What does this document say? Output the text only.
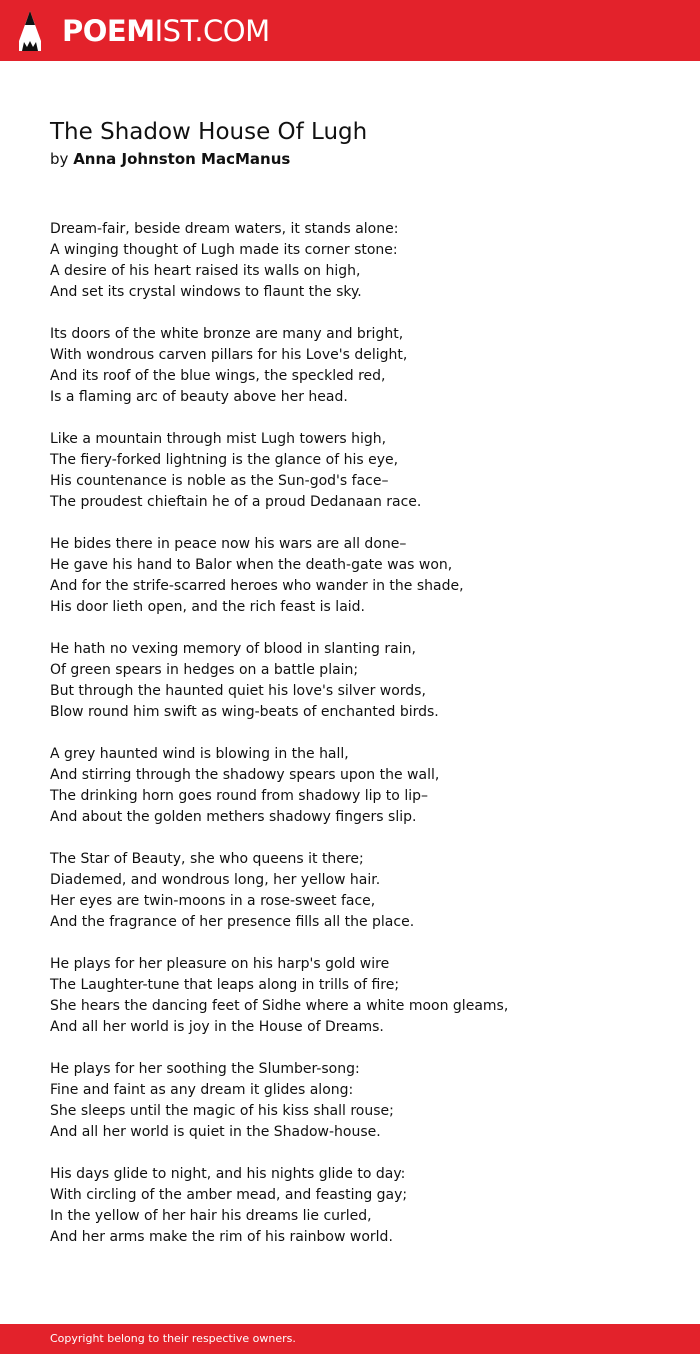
POEMIST.COM
The Shadow House Of Lugh
by Anna Johnston MacManus
Dream-fair, beside dream waters, it stands alone:
A winging thought of Lugh made its corner stone:
A desire of his heart raised its walls on high,
And set its crystal windows to flaunt the sky.
Its doors of the white bronze are many and bright,
With wondrous carven pillars for his Love's delight,
And its roof of the blue wings, the speckled red,
Is a flaming arc of beauty above her head.
Like a mountain through mist Lugh towers high,
The fiery-forked lightning is the glance of his eye,
His countenance is noble as the Sun-god's face–
The proudest chieftain he of a proud Dedanaan race.
He bides there in peace now his wars are all done–
He gave his hand to Balor when the death-gate was won,
And for the strife-scarred heroes who wander in the shade,
His door lieth open, and the rich feast is laid.
He hath no vexing memory of blood in slanting rain,
Of green spears in hedges on a battle plain;
But through the haunted quiet his love's silver words,
Blow round him swift as wing-beats of enchanted birds.
A grey haunted wind is blowing in the hall,
And stirring through the shadowy spears upon the wall,
The drinking horn goes round from shadowy lip to lip–
And about the golden methers shadowy fingers slip.
The Star of Beauty, she who queens it there;
Diademed, and wondrous long, her yellow hair.
Her eyes are twin-moons in a rose-sweet face,
And the fragrance of her presence fills all the place.
He plays for her pleasure on his harp's gold wire
The Laughter-tune that leaps along in trills of fire;
She hears the dancing feet of Sidhe where a white moon gleams,
And all her world is joy in the House of Dreams.
He plays for her soothing the Slumber-song:
Fine and faint as any dream it glides along:
She sleeps until the magic of his kiss shall rouse;
And all her world is quiet in the Shadow-house.
His days glide to night, and his nights glide to day:
With circling of the amber mead, and feasting gay;
In the yellow of her hair his dreams lie curled,
And her arms make the rim of his rainbow world.
Copyright belong to their respective owners.
